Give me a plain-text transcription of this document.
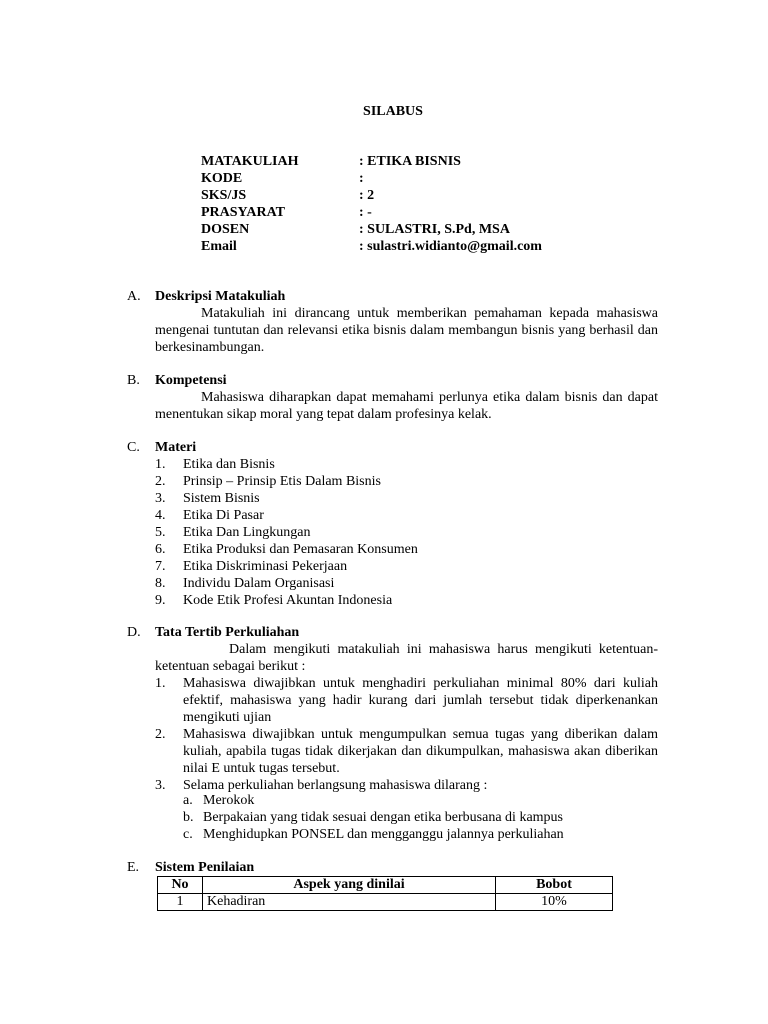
SILABUS
MATAKULIAH	: ETIKA BISNIS
KODE	:
SKS/JS	: 2
PRASYARAT	: -
DOSEN	: SULASTRI, S.Pd, MSA
Email	: sulastri.widianto@gmail.com
A.	Deskripsi Matakuliah

Matakuliah ini dirancang untuk memberikan pemahaman kepada mahasiswa mengenai tuntutan dan relevansi etika bisnis dalam membangun bisnis yang berhasil dan berkesinambungan.

B.	Kompetensi

Mahasiswa diharapkan dapat memahami perlunya etika dalam bisnis dan dapat menentukan sikap moral yang tepat dalam profesinya kelak.

C.	Materi
1. Etika dan Bisnis
2. Prinsip – Prinsip Etis Dalam Bisnis
3. Sistem Bisnis
4. Etika Di Pasar
5. Etika Dan Lingkungan
6. Etika Produksi dan Pemasaran Konsumen
7. Etika Diskriminasi Pekerjaan
8. Individu Dalam Organisasi
9. Kode Etik Profesi Akuntan Indonesia
D.	Tata Tertib Perkuliahan

Dalam mengikuti matakuliah ini mahasiswa harus mengikuti ketentuan-ketentuan sebagai berikut :

1. Mahasiswa diwajibkan untuk menghadiri perkuliahan minimal 80% dari kuliah efektif, mahasiswa yang hadir kurang dari jumlah tersebut tidak diperkenankan mengikuti ujian
2. Mahasiswa diwajibkan untuk mengumpulkan semua tugas yang diberikan dalam kuliah, apabila tugas tidak dikerjakan dan dikumpulkan, mahasiswa akan diberikan nilai E untuk tugas tersebut.
3. Selama perkuliahan berlangsung mahasiswa dilarang :
a. Merokok
b. Berpakaian yang tidak sesuai dengan etika berbusana di kampus
c. Menghidupkan PONSEL dan mengganggu jalannya perkuliahan
E.	Sistem Penilaian
No	Aspek yang dinilai	Bobot
1	Kehadiran	10%
